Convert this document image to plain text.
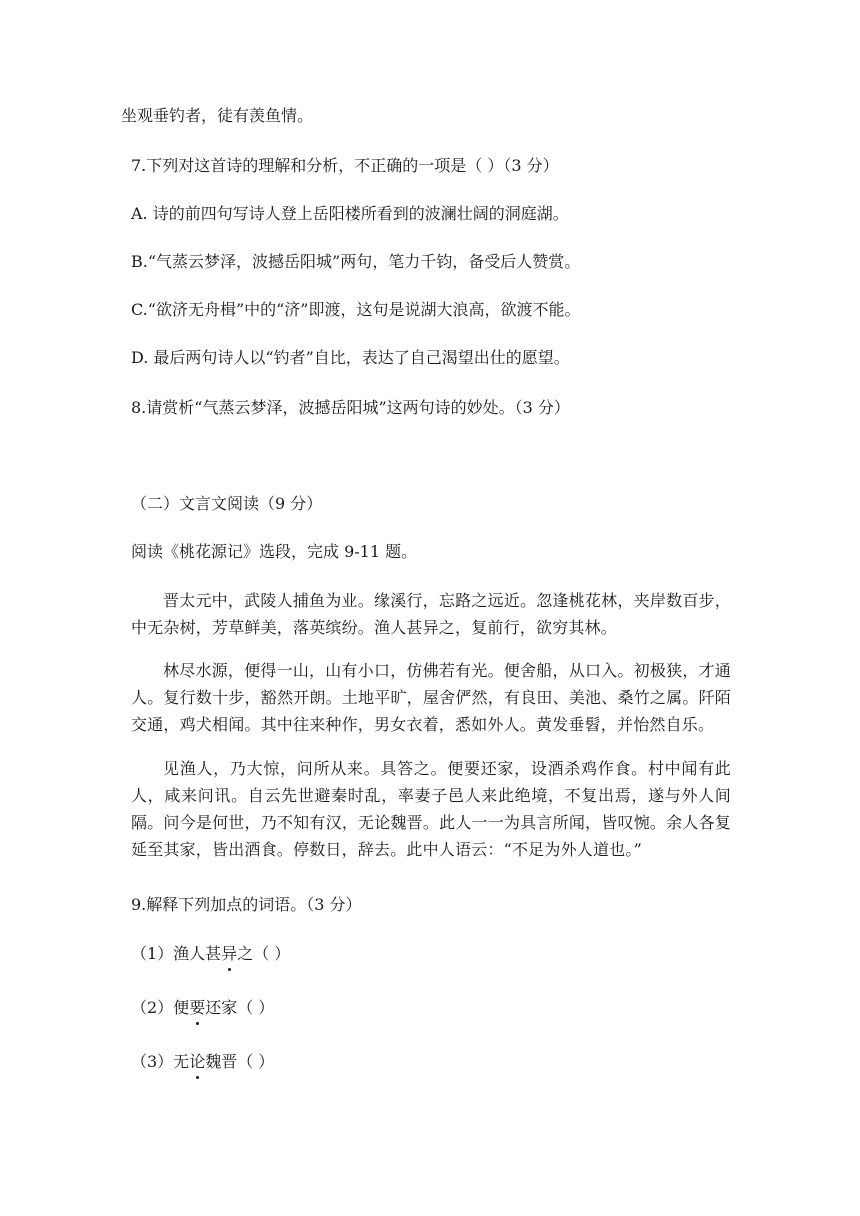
坐观垂钓者，徒有羡鱼情。
7.下列对这首诗的理解和分析，不正确的一项是（ ）（3 分）
A. 诗的前四句写诗人登上岳阳楼所看到的波澜壮阔的洞庭湖。
B.“气蒸云梦泽，波撼岳阳城”两句，笔力千钧，备受后人赞赏。
C.“欲济无舟楫”中的“济”即渡，这句是说湖大浪高，欲渡不能。
D. 最后两句诗人以“钓者”自比，表达了自己渴望出仕的愿望。
8.请赏析“气蒸云梦泽，波撼岳阳城”这两句诗的妙处。（3 分）
（二）文言文阅读（9 分）
阅读《桃花源记》选段，完成 9-11 题。
晋太元中，武陵人捕鱼为业。缘溪行，忘路之远近。忽逢桃花林，夹岸数百步，中无杂树，芳草鲜美，落英缤纷。渔人甚异之，复前行，欲穷其林。
林尽水源，便得一山，山有小口，仿佛若有光。便舍船，从口入。初极狭，才通人。复行数十步，豁然开朗。土地平旷，屋舍俨然，有良田、美池、桑竹之属。阡陌交通，鸡犬相闻。其中往来种作，男女衣着，悉如外人。黄发垂髫，并怡然自乐。
见渔人，乃大惊，问所从来。具答之。便要还家，设酒杀鸡作食。村中闻有此人，咸来问讯。自云先世避秦时乱，率妻子邑人来此绝境，不复出焉，遂与外人间隔。问今是何世，乃不知有汉，无论魏晋。此人一一为具言所闻，皆叹惋。余人各复延至其家，皆出酒食。停数日，辞去。此中人语云：“不足为外人道也。”
9.解释下列加点的词语。（3 分）
（1）渔人甚异之（ ）
（2）便要还家（ ）
（3）无论魏晋（ ）
